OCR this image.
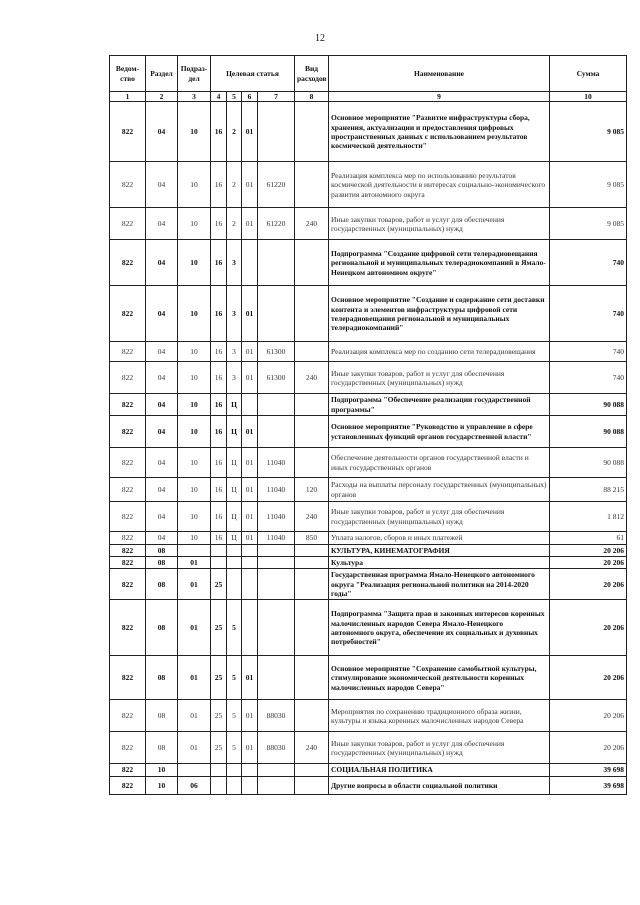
12
Ведом-ство	Раздел	Подраз-дел	Целевая статья				Вид расходов	Наименование	Сумма
1	2	3	4	5	6	7	8	9	10
822	04	10	16	2	01			Основное мероприятие "Развитие инфраструктуры сбора, хранения, актуализации и предоставления цифровых пространственных данных с использованием результатов космической деятельности"	9 085
822	04	10	16	2	01	61220		Реализация комплекса мер по использованию результатов космической деятельности в интересах социально-экономического развития автономного округа	9 085
822	04	10	16	2	01	61220	240	Иные закупки товаров, работ и услуг для обеспечения государственных (муниципальных) нужд	9 085
822	04	10	16	3				Подпрограмма "Создание цифровой сети телерадиовещания региональной и муниципальных телерадиокомпаний в Ямало-Ненецком автономном округе"	740
822	04	10	16	3	01			Основное мероприятие "Создание и содержание сети доставки контента и элементов инфраструктуры цифровой сети телерадиовещания региональной и муниципальных телерадиокомпаний"	740
822	04	10	16	3	01	61300		Реализация комплекса мер по созданию сети телерадиовещания	740
822	04	10	16	3	01	61300	240	Иные закупки товаров, работ и услуг для обеспечения государственных (муниципальных) нужд	740
822	04	10	16	Ц				Подпрограмма "Обеспечение реализации государственной программы"	90 088
822	04	10	16	Ц	01			Основное мероприятие "Руководство и управление в сфере установленных функций органов государственной власти"	90 088
822	04	10	16	Ц	01	11040		Обеспечение деятельности органов государственной власти и иных государственных органов	90 088
822	04	10	16	Ц	01	11040	120	Расходы на выплаты персоналу государственных (муниципальных) органов	88 215
822	04	10	16	Ц	01	11040	240	Иные закупки товаров, работ и услуг для обеспечения государственных (муниципальных) нужд	1 812
822	04	10	16	Ц	01	11040	850	Уплата налогов, сборов и иных платежей	61
822	08							КУЛЬТУРА, КИНЕМАТОГРАФИЯ	20 206
822	08	01						Культура	20 206
822	08	01	25					Государственная программа Ямало-Ненецкого автономного округа "Реализация региональной политики на 2014-2020 годы"	20 206
822	08	01	25	5				Подпрограмма "Защита прав и законных интересов коренных малочисленных народов Севера Ямало-Ненецкого автономного округа, обеспечение их социальных и духовных потребностей"	20 206
822	08	01	25	5	01			Основное мероприятие "Сохранение самобытной культуры, стимулирование экономической деятельности коренных малочисленных народов Севера"	20 206
822	08	01	25	5	01	88030		Мероприятия по сохранению традиционного образа жизни, культуры и языка коренных малочисленных народов Севера	20 206
822	08	01	25	5	01	88030	240	Иные закупки товаров, работ и услуг для обеспечения государственных (муниципальных) нужд	20 206
822	10							СОЦИАЛЬНАЯ ПОЛИТИКА	39 698
822	10	06						Другие вопросы в области социальной политики	39 698
